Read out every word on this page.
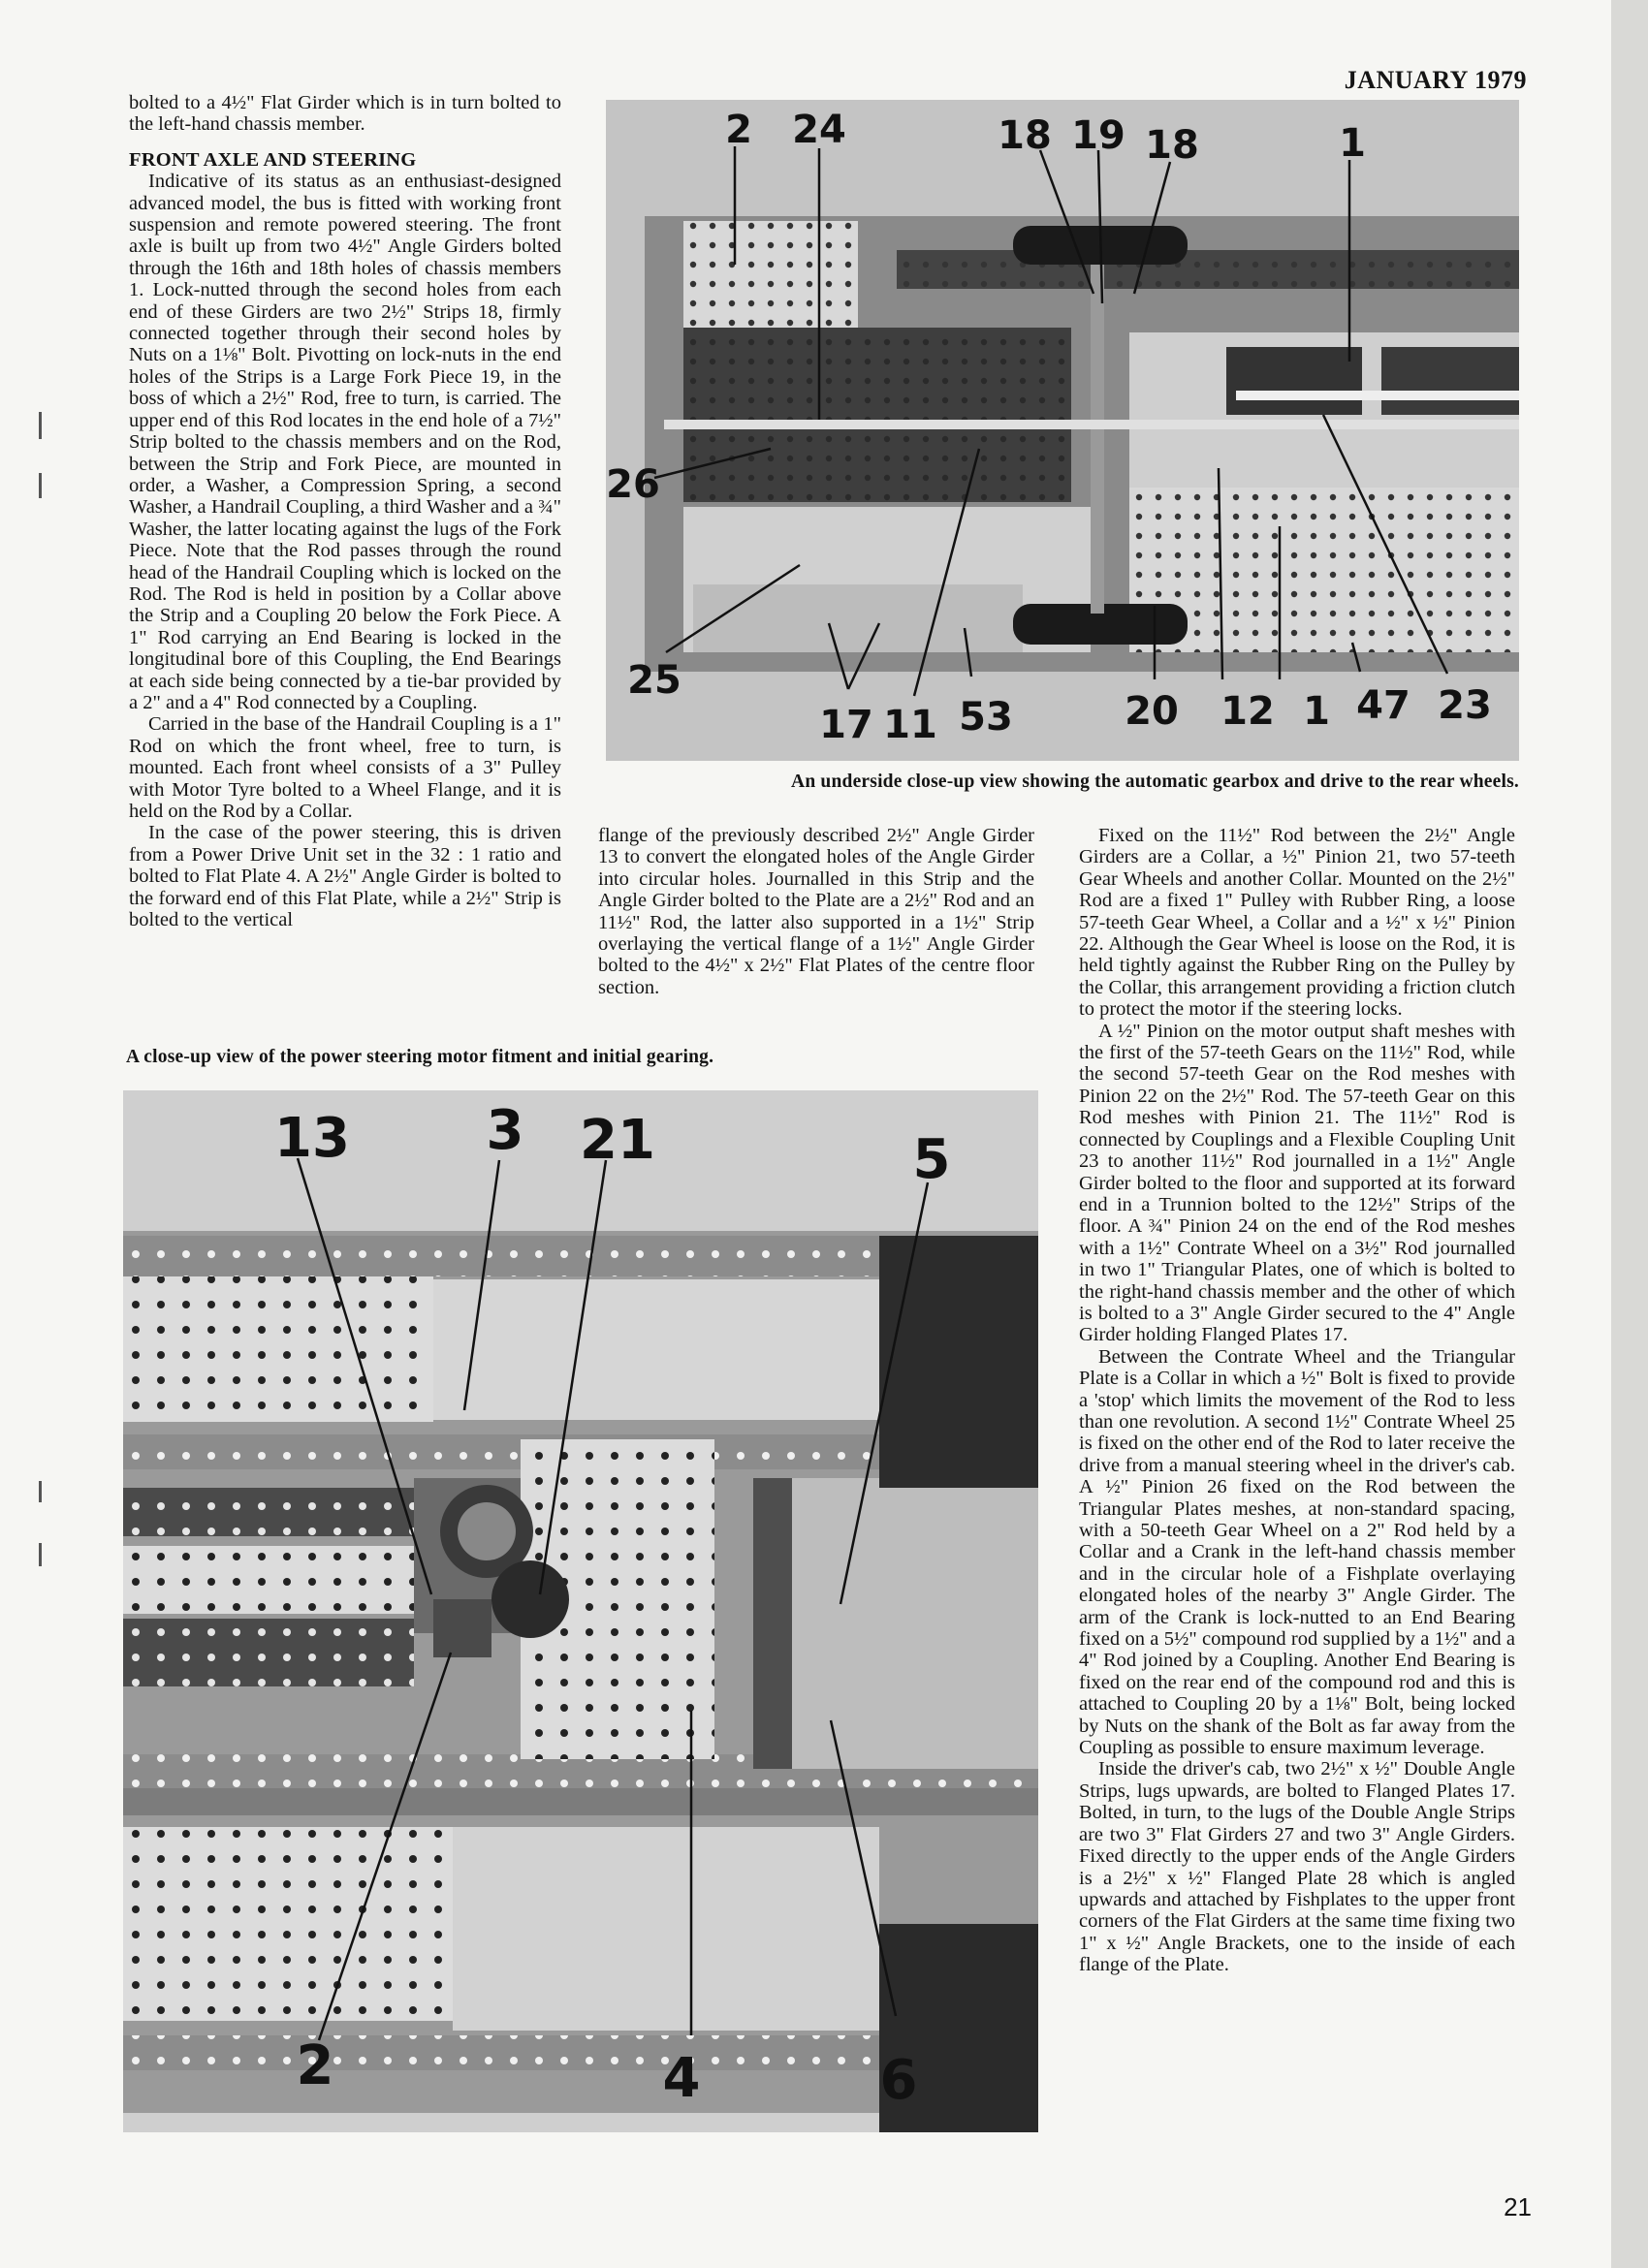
JANUARY 1979

bolted to a 4½" Flat Girder which is in turn bolted to the left-hand chassis member.

FRONT AXLE AND STEERING

Indicative of its status as an enthusiast-designed advanced model, the bus is fitted with working front suspension and remote powered steering. The front axle is built up from two 4½" Angle Girders bolted through the 16th and 18th holes of chassis members 1. Lock-nutted through the second holes from each end of these Girders are two 2½" Strips 18, firmly connected together through their second holes by Nuts on a 1⅛" Bolt. Pivotting on lock-nuts in the end holes of the Strips is a Large Fork Piece 19, in the boss of which a 2½" Rod, free to turn, is carried. The upper end of this Rod locates in the end hole of a 7½" Strip bolted to the chassis members and on the Rod, between the Strip and Fork Piece, are mounted in order, a Washer, a Compression Spring, a second Washer, a Handrail Coupling, a third Washer and a ¾" Washer, the latter locating against the lugs of the Fork Piece. Note that the Rod passes through the round head of the Handrail Coupling which is locked on the Rod. The Rod is held in position by a Collar above the Strip and a Coupling 20 below the Fork Piece. A 1" Rod carrying an End Bearing is locked in the longitudinal bore of this Coupling, the End Bearings at each side being connected by a tie-bar provided by a 2" and a 4" Rod connected by a Coupling.

Carried in the base of the Handrail Coupling is a 1" Rod on which the front wheel, free to turn, is mounted. Each front wheel consists of a 3" Pulley with Motor Tyre bolted to a Wheel Flange, and it is held on the Rod by a Collar.

In the case of the power steering, this is driven from a Power Drive Unit set in the 32 : 1 ratio and bolted to Flat Plate 4. A 2½" Angle Girder is bolted to the forward end of this Flat Plate, while a 2½" Strip is bolted to the vertical

2 24	18 19 18	1
26
25
17 11 53	20 12 1 47 23
An underside close-up view showing the automatic gearbox and drive to the rear wheels.

flange of the previously described 2½" Angle Girder 13 to convert the elongated holes of the Angle Girder into circular holes. Journalled in this Strip and the Angle Girder bolted to the Plate are a 2½" Rod and an 11½" Rod, the latter also supported in a 1½" Strip overlaying the vertical flange of a 1½" Angle Girder bolted to the 4½" x 2½" Flat Plates of the centre floor section.

Fixed on the 11½" Rod between the 2½" Angle Girders are a Collar, a ½" Pinion 21, two 57-teeth Gear Wheels and another Collar. Mounted on the 2½" Rod are a fixed 1" Pulley with Rubber Ring, a loose 57-teeth Gear Wheel, a Collar and a ½" x ½" Pinion 22. Although the Gear Wheel is loose on the Rod, it is held tightly against the Rubber Ring on the Pulley by the Collar, this arrangement providing a friction clutch to protect the motor if the steering locks.

A ½" Pinion on the motor output shaft meshes with the first of the 57-teeth Gears on the 11½" Rod, while the second 57-teeth Gear on the Rod meshes with Pinion 22 on the 2½" Rod. The 57-teeth Gear on this Rod meshes with Pinion 21. The 11½" Rod is connected by Couplings and a Flexible Coupling Unit 23 to another 11½" Rod journalled in a 1½" Angle Girder bolted to the floor and supported at its forward end in a Trunnion bolted to the 12½" Strips of the floor. A ¾" Pinion 24 on the end of the Rod meshes with a 1½" Contrate Wheel on a 3½" Rod journalled in two 1" Triangular Plates, one of which is bolted to the right-hand chassis member and the other of which is bolted to a 3" Angle Girder secured to the 4" Angle Girder holding Flanged Plates 17.

Between the Contrate Wheel and the Triangular Plate is a Collar in which a ½" Bolt is fixed to provide a 'stop' which limits the movement of the Rod to less than one revolution. A second 1½" Contrate Wheel 25 is fixed on the other end of the Rod to later receive the drive from a manual steering wheel in the driver's cab. A ½" Pinion 26 fixed on the Rod between the Triangular Plates meshes, at non-standard spacing, with a 50-teeth Gear Wheel on a 2" Rod held by a Collar and a Crank in the left-hand chassis member and in the circular hole of a Fishplate overlaying elongated holes of the nearby 3" Angle Girder. The arm of the Crank is lock-nutted to an End Bearing fixed on a 5½" compound rod supplied by a 1½" and a 4" Rod joined by a Coupling. Another End Bearing is fixed on the rear end of the compound rod and this is attached to Coupling 20 by a 1⅛" Bolt, being locked by Nuts on the shank of the Bolt as far away from the Coupling as possible to ensure maximum leverage.

Inside the driver's cab, two 2½" x ½" Double Angle Strips, lugs upwards, are bolted to Flanged Plates 17. Bolted, in turn, to the lugs of the Double Angle Strips are two 3" Flat Girders 27 and two 3" Angle Girders. Fixed directly to the upper ends of the Angle Girders is a 2½" x ½" Flanged Plate 28 which is angled upwards and attached by Fishplates to the upper front corners of the Flat Girders at the same time fixing two 1" x ½" Angle Brackets, one to the inside of each flange of the Plate.

A close-up view of the power steering motor fitment and initial gearing.
13	3 21	5
2	4	6
21
